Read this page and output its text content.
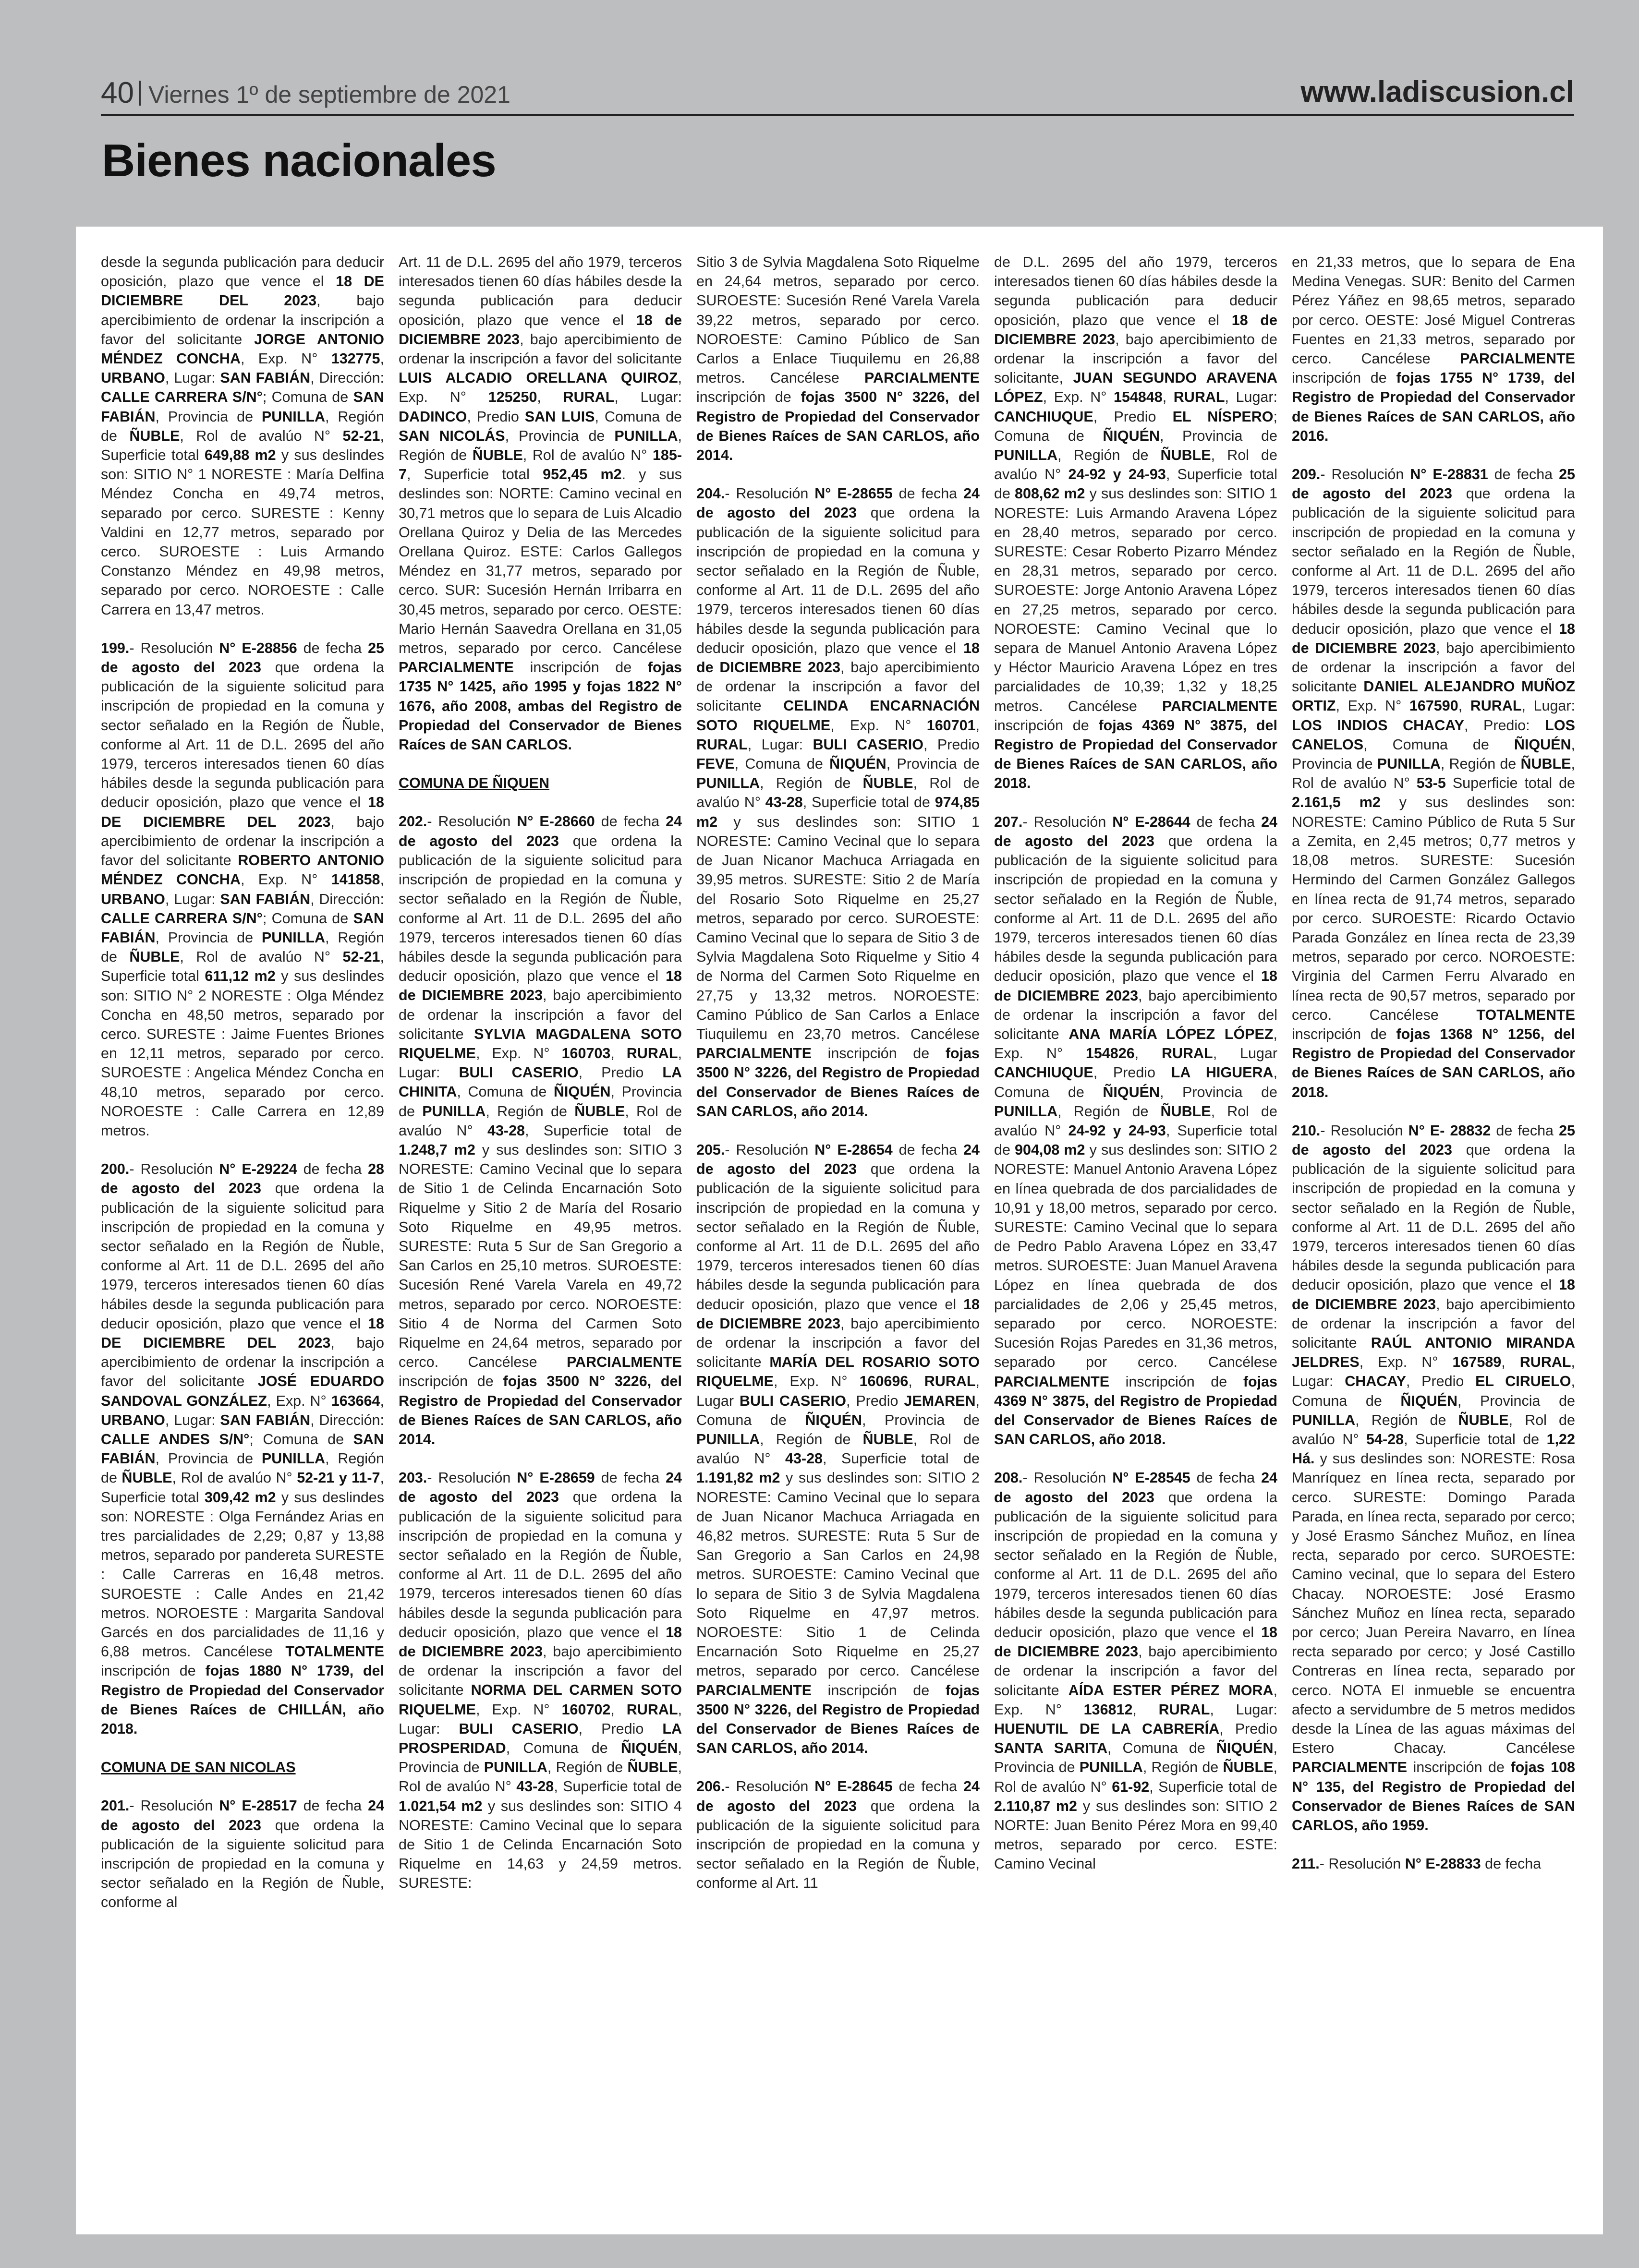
40 Viernes 1º de septiembre de 2021	www.ladiscusion.cl
Bienes nacionales

desde la segunda publicación para deducir oposición, plazo que vence el 18 DE DICIEMBRE DEL 2023, bajo apercibimiento de ordenar la inscripción a favor del solicitante JORGE ANTONIO MÉNDEZ CONCHA, Exp. N° 132775, URBANO, Lugar: SAN FABIÁN, Dirección: CALLE CARRERA S/N°; Comuna de SAN FABIÁN, Provincia de PUNILLA, Región de ÑUBLE, Rol de avalúo N° 52-21, Superficie total 649,88 m2 y sus deslindes son: SITIO N° 1 NORESTE : María Delfina Méndez Concha en 49,74 metros, separado por cerco. SURESTE : Kenny Valdini en 12,77 metros, separado por cerco. SUROESTE : Luis Armando Constanzo Méndez en 49,98 metros, separado por cerco. NOROESTE : Calle Carrera en 13,47 metros.

199.- Resolución N° E-28856 de fecha 25 de agosto del 2023 que ordena la publicación de la siguiente solicitud para inscripción de propiedad en la comuna y sector señalado en la Región de Ñuble, conforme al Art. 11 de D.L. 2695 del año 1979, terceros interesados tienen 60 días hábiles desde la segunda publicación para deducir oposición, plazo que vence el 18 DE DICIEMBRE DEL 2023, bajo apercibimiento de ordenar la inscripción a favor del solicitante ROBERTO ANTONIO MÉNDEZ CONCHA, Exp. N° 141858, URBANO, Lugar: SAN FABIÁN, Dirección: CALLE CARRERA S/N°; Comuna de SAN FABIÁN, Provincia de PUNILLA, Región de ÑUBLE, Rol de avalúo N° 52-21, Superficie total 611,12 m2 y sus deslindes son: SITIO N° 2 NORESTE : Olga Méndez Concha en 48,50 metros, separado por cerco. SURESTE : Jaime Fuentes Briones en 12,11 metros, separado por cerco. SUROESTE : Angelica Méndez Concha en 48,10 metros, separado por cerco. NOROESTE : Calle Carrera en 12,89 metros.

200.- Resolución N° E-29224 de fecha 28 de agosto del 2023 que ordena la publicación de la siguiente solicitud para inscripción de propiedad en la comuna y sector señalado en la Región de Ñuble, conforme al Art. 11 de D.L. 2695 del año 1979, terceros interesados tienen 60 días hábiles desde la segunda publicación para deducir oposición, plazo que vence el 18 DE DICIEMBRE DEL 2023, bajo apercibimiento de ordenar la inscripción a favor del solicitante JOSÉ EDUARDO SANDOVAL GONZÁLEZ, Exp. N° 163664, URBANO, Lugar: SAN FABIÁN, Dirección: CALLE ANDES S/N°; Comuna de SAN FABIÁN, Provincia de PUNILLA, Región de ÑUBLE, Rol de avalúo N° 52-21 y 11-7, Superficie total 309,42 m2 y sus deslindes son: NORESTE : Olga Fernández Arias en tres parcialidades de 2,29; 0,87 y 13,88 metros, separado por pandereta SURESTE : Calle Carreras en 16,48 metros. SUROESTE : Calle Andes en 21,42 metros. NOROESTE : Margarita Sandoval Garcés en dos parcialidades de 11,16 y 6,88 metros. Cancélese TOTALMENTE inscripción de fojas 1880 N° 1739, del Registro de Propiedad del Conservador de Bienes Raíces de CHILLÁN, año 2018.

COMUNA DE SAN NICOLAS

201.- Resolución N° E-28517 de fecha 24 de agosto del 2023 que ordena la publicación de la siguiente solicitud para inscripción de propiedad en la comuna y sector señalado en la Región de Ñuble, conforme al

Art. 11 de D.L. 2695 del año 1979, terceros interesados tienen 60 días hábiles desde la segunda publicación para deducir oposición, plazo que vence el 18 de DICIEMBRE 2023, bajo apercibimiento de ordenar la inscripción a favor del solicitante LUIS ALCADIO ORELLANA QUIROZ, Exp. N° 125250, RURAL, Lugar: DADINCO, Predio SAN LUIS, Comuna de SAN NICOLÁS, Provincia de PUNILLA, Región de ÑUBLE, Rol de avalúo N° 185-7, Superficie total 952,45 m2. y sus deslindes son: NORTE: Camino vecinal en 30,71 metros que lo separa de Luis Alcadio Orellana Quiroz y Delia de las Mercedes Orellana Quiroz. ESTE: Carlos Gallegos Méndez en 31,77 metros, separado por cerco. SUR: Sucesión Hernán Irribarra en 30,45 metros, separado por cerco. OESTE: Mario Hernán Saavedra Orellana en 31,05 metros, separado por cerco. Cancélese PARCIALMENTE inscripción de fojas 1735 N° 1425, año 1995 y fojas 1822 N° 1676, año 2008, ambas del Registro de Propiedad del Conservador de Bienes Raíces de SAN CARLOS.

COMUNA DE ÑIQUEN

202.- Resolución N° E-28660 de fecha 24 de agosto del 2023 que ordena la publicación de la siguiente solicitud para inscripción de propiedad en la comuna y sector señalado en la Región de Ñuble, conforme al Art. 11 de D.L. 2695 del año 1979, terceros interesados tienen 60 días hábiles desde la segunda publicación para deducir oposición, plazo que vence el 18 de DICIEMBRE 2023, bajo apercibimiento de ordenar la inscripción a favor del solicitante SYLVIA MAGDALENA SOTO RIQUELME, Exp. N° 160703, RURAL, Lugar: BULI CASERIO, Predio LA CHINITA, Comuna de ÑIQUÉN, Provincia de PUNILLA, Región de ÑUBLE, Rol de avalúo N° 43-28, Superficie total de 1.248,7 m2 y sus deslindes son: SITIO 3 NORESTE: Camino Vecinal que lo separa de Sitio 1 de Celinda Encarnación Soto Riquelme y Sitio 2 de María del Rosario Soto Riquelme en 49,95 metros. SURESTE: Ruta 5 Sur de San Gregorio a San Carlos en 25,10 metros. SUROESTE: Sucesión René Varela Varela en 49,72 metros, separado por cerco. NOROESTE: Sitio 4 de Norma del Carmen Soto Riquelme en 24,64 metros, separado por cerco. Cancélese PARCIALMENTE inscripción de fojas 3500 N° 3226, del Registro de Propiedad del Conservador de Bienes Raíces de SAN CARLOS, año 2014.

203.- Resolución N° E-28659 de fecha 24 de agosto del 2023 que ordena la publicación de la siguiente solicitud para inscripción de propiedad en la comuna y sector señalado en la Región de Ñuble, conforme al Art. 11 de D.L. 2695 del año 1979, terceros interesados tienen 60 días hábiles desde la segunda publicación para deducir oposición, plazo que vence el 18 de DICIEMBRE 2023, bajo apercibimiento de ordenar la inscripción a favor del solicitante NORMA DEL CARMEN SOTO RIQUELME, Exp. N° 160702, RURAL, Lugar: BULI CASERIO, Predio LA PROSPERIDAD, Comuna de ÑIQUÉN, Provincia de PUNILLA, Región de ÑUBLE, Rol de avalúo N° 43-28, Superficie total de 1.021,54 m2 y sus deslindes son: SITIO 4 NORESTE: Camino Vecinal que lo separa de Sitio 1 de Celinda Encarnación Soto Riquelme en 14,63 y 24,59 metros. SURESTE:

Sitio 3 de Sylvia Magdalena Soto Riquelme en 24,64 metros, separado por cerco. SUROESTE: Sucesión René Varela Varela 39,22 metros, separado por cerco. NOROESTE: Camino Público de San Carlos a Enlace Tiuquilemu en 26,88 metros. Cancélese PARCIALMENTE inscripción de fojas 3500 N° 3226, del Registro de Propiedad del Conservador de Bienes Raíces de SAN CARLOS, año 2014.

204.- Resolución N° E-28655 de fecha 24 de agosto del 2023 que ordena la publicación de la siguiente solicitud para inscripción de propiedad en la comuna y sector señalado en la Región de Ñuble, conforme al Art. 11 de D.L. 2695 del año 1979, terceros interesados tienen 60 días hábiles desde la segunda publicación para deducir oposición, plazo que vence el 18 de DICIEMBRE 2023, bajo apercibimiento de ordenar la inscripción a favor del solicitante CELINDA ENCARNACIÓN SOTO RIQUELME, Exp. N° 160701, RURAL, Lugar: BULI CASERIO, Predio FEVE, Comuna de ÑIQUÉN, Provincia de PUNILLA, Región de ÑUBLE, Rol de avalúo N° 43-28, Superficie total de 974,85 m2 y sus deslindes son: SITIO 1 NORESTE: Camino Vecinal que lo separa de Juan Nicanor Machuca Arriagada en 39,95 metros. SURESTE: Sitio 2 de María del Rosario Soto Riquelme en 25,27 metros, separado por cerco. SUROESTE: Camino Vecinal que lo separa de Sitio 3 de Sylvia Magdalena Soto Riquelme y Sitio 4 de Norma del Carmen Soto Riquelme en 27,75 y 13,32 metros. NOROESTE: Camino Público de San Carlos a Enlace Tiuquilemu en 23,70 metros. Cancélese PARCIALMENTE inscripción de fojas 3500 N° 3226, del Registro de Propiedad del Conservador de Bienes Raíces de SAN CARLOS, año 2014.

205.- Resolución N° E-28654 de fecha 24 de agosto del 2023 que ordena la publicación de la siguiente solicitud para inscripción de propiedad en la comuna y sector señalado en la Región de Ñuble, conforme al Art. 11 de D.L. 2695 del año 1979, terceros interesados tienen 60 días hábiles desde la segunda publicación para deducir oposición, plazo que vence el 18 de DICIEMBRE 2023, bajo apercibimiento de ordenar la inscripción a favor del solicitante MARÍA DEL ROSARIO SOTO RIQUELME, Exp. N° 160696, RURAL, Lugar BULI CASERIO, Predio JEMAREN, Comuna de ÑIQUÉN, Provincia de PUNILLA, Región de ÑUBLE, Rol de avalúo N° 43-28, Superficie total de 1.191,82 m2 y sus deslindes son: SITIO 2 NORESTE: Camino Vecinal que lo separa de Juan Nicanor Machuca Arriagada en 46,82 metros. SURESTE: Ruta 5 Sur de San Gregorio a San Carlos en 24,98 metros. SUROESTE: Camino Vecinal que lo separa de Sitio 3 de Sylvia Magdalena Soto Riquelme en 47,97 metros. NOROESTE: Sitio 1 de Celinda Encarnación Soto Riquelme en 25,27 metros, separado por cerco. Cancélese PARCIALMENTE inscripción de fojas 3500 N° 3226, del Registro de Propiedad del Conservador de Bienes Raíces de SAN CARLOS, año 2014.

206.- Resolución N° E-28645 de fecha 24 de agosto del 2023 que ordena la publicación de la siguiente solicitud para inscripción de propiedad en la comuna y sector señalado en la Región de Ñuble, conforme al Art. 11

de D.L. 2695 del año 1979, terceros interesados tienen 60 días hábiles desde la segunda publicación para deducir oposición, plazo que vence el 18 de DICIEMBRE 2023, bajo apercibimiento de ordenar la inscripción a favor del solicitante, JUAN SEGUNDO ARAVENA LÓPEZ, Exp. N° 154848, RURAL, Lugar: CANCHIUQUE, Predio EL NÍSPERO; Comuna de ÑIQUÉN, Provincia de PUNILLA, Región de ÑUBLE, Rol de avalúo N° 24-92 y 24-93, Superficie total de 808,62 m2 y sus deslindes son: SITIO 1 NORESTE: Luis Armando Aravena López en 28,40 metros, separado por cerco. SURESTE: Cesar Roberto Pizarro Méndez en 28,31 metros, separado por cerco. SUROESTE: Jorge Antonio Aravena López en 27,25 metros, separado por cerco. NOROESTE: Camino Vecinal que lo separa de Manuel Antonio Aravena López y Héctor Mauricio Aravena López en tres parcialidades de 10,39; 1,32 y 18,25 metros. Cancélese PARCIALMENTE inscripción de fojas 4369 N° 3875, del Registro de Propiedad del Conservador de Bienes Raíces de SAN CARLOS, año 2018.

207.- Resolución N° E-28644 de fecha 24 de agosto del 2023 que ordena la publicación de la siguiente solicitud para inscripción de propiedad en la comuna y sector señalado en la Región de Ñuble, conforme al Art. 11 de D.L. 2695 del año 1979, terceros interesados tienen 60 días hábiles desde la segunda publicación para deducir oposición, plazo que vence el 18 de DICIEMBRE 2023, bajo apercibimiento de ordenar la inscripción a favor del solicitante ANA MARÍA LÓPEZ LÓPEZ, Exp. N° 154826, RURAL, Lugar CANCHIUQUE, Predio LA HIGUERA, Comuna de ÑIQUÉN, Provincia de PUNILLA, Región de ÑUBLE, Rol de avalúo N° 24-92 y 24-93, Superficie total de 904,08 m2 y sus deslindes son: SITIO 2 NORESTE: Manuel Antonio Aravena López en línea quebrada de dos parcialidades de 10,91 y 18,00 metros, separado por cerco. SURESTE: Camino Vecinal que lo separa de Pedro Pablo Aravena López en 33,47 metros. SUROESTE: Juan Manuel Aravena López en línea quebrada de dos parcialidades de 2,06 y 25,45 metros, separado por cerco. NOROESTE: Sucesión Rojas Paredes en 31,36 metros, separado por cerco. Cancélese PARCIALMENTE inscripción de fojas 4369 N° 3875, del Registro de Propiedad del Conservador de Bienes Raíces de SAN CARLOS, año 2018.

208.- Resolución N° E-28545 de fecha 24 de agosto del 2023 que ordena la publicación de la siguiente solicitud para inscripción de propiedad en la comuna y sector señalado en la Región de Ñuble, conforme al Art. 11 de D.L. 2695 del año 1979, terceros interesados tienen 60 días hábiles desde la segunda publicación para deducir oposición, plazo que vence el 18 de DICIEMBRE 2023, bajo apercibimiento de ordenar la inscripción a favor del solicitante AÍDA ESTER PÉREZ MORA, Exp. N° 136812, RURAL, Lugar: HUENUTIL DE LA CABRERÍA, Predio SANTA SARITA, Comuna de ÑIQUÉN, Provincia de PUNILLA, Región de ÑUBLE, Rol de avalúo N° 61-92, Superficie total de 2.110,87 m2 y sus deslindes son: SITIO 2 NORTE: Juan Benito Pérez Mora en 99,40 metros, separado por cerco. ESTE: Camino Vecinal

en 21,33 metros, que lo separa de Ena Medina Venegas. SUR: Benito del Carmen Pérez Yáñez en 98,65 metros, separado por cerco. OESTE: José Miguel Contreras Fuentes en 21,33 metros, separado por cerco. Cancélese PARCIALMENTE inscripción de fojas 1755 N° 1739, del Registro de Propiedad del Conservador de Bienes Raíces de SAN CARLOS, año 2016.

209.- Resolución N° E-28831 de fecha 25 de agosto del 2023 que ordena la publicación de la siguiente solicitud para inscripción de propiedad en la comuna y sector señalado en la Región de Ñuble, conforme al Art. 11 de D.L. 2695 del año 1979, terceros interesados tienen 60 días hábiles desde la segunda publicación para deducir oposición, plazo que vence el 18 de DICIEMBRE 2023, bajo apercibimiento de ordenar la inscripción a favor del solicitante DANIEL ALEJANDRO MUÑOZ ORTIZ, Exp. N° 167590, RURAL, Lugar: LOS INDIOS CHACAY, Predio: LOS CANELOS, Comuna de ÑIQUÉN, Provincia de PUNILLA, Región de ÑUBLE, Rol de avalúo N° 53-5 Superficie total de 2.161,5 m2 y sus deslindes son: NORESTE: Camino Público de Ruta 5 Sur a Zemita, en 2,45 metros; 0,77 metros y 18,08 metros. SURESTE: Sucesión Hermindo del Carmen González Gallegos en línea recta de 91,74 metros, separado por cerco. SUROESTE: Ricardo Octavio Parada González en línea recta de 23,39 metros, separado por cerco. NOROESTE: Virginia del Carmen Ferru Alvarado en línea recta de 90,57 metros, separado por cerco. Cancélese TOTALMENTE inscripción de fojas 1368 N° 1256, del Registro de Propiedad del Conservador de Bienes Raíces de SAN CARLOS, año 2018.

210.- Resolución N° E- 28832 de fecha 25 de agosto del 2023 que ordena la publicación de la siguiente solicitud para inscripción de propiedad en la comuna y sector señalado en la Región de Ñuble, conforme al Art. 11 de D.L. 2695 del año 1979, terceros interesados tienen 60 días hábiles desde la segunda publicación para deducir oposición, plazo que vence el 18 de DICIEMBRE 2023, bajo apercibimiento de ordenar la inscripción a favor del solicitante RAÚL ANTONIO MIRANDA JELDRES, Exp. N° 167589, RURAL, Lugar: CHACAY, Predio EL CIRUELO, Comuna de ÑIQUÉN, Provincia de PUNILLA, Región de ÑUBLE, Rol de avalúo N° 54-28, Superficie total de 1,22 Há. y sus deslindes son: NORESTE: Rosa Manríquez en línea recta, separado por cerco. SURESTE: Domingo Parada Parada, en línea recta, separado por cerco; y José Erasmo Sánchez Muñoz, en línea recta, separado por cerco. SUROESTE: Camino vecinal, que lo separa del Estero Chacay. NOROESTE: José Erasmo Sánchez Muñoz en línea recta, separado por cerco; Juan Pereira Navarro, en línea recta separado por cerco; y José Castillo Contreras en línea recta, separado por cerco. NOTA El inmueble se encuentra afecto a servidumbre de 5 metros medidos desde la Línea de las aguas máximas del Estero Chacay. Cancélese PARCIALMENTE inscripción de fojas 108 N° 135, del Registro de Propiedad del Conservador de Bienes Raíces de SAN CARLOS, año 1959.

211.- Resolución N° E-28833 de fecha
